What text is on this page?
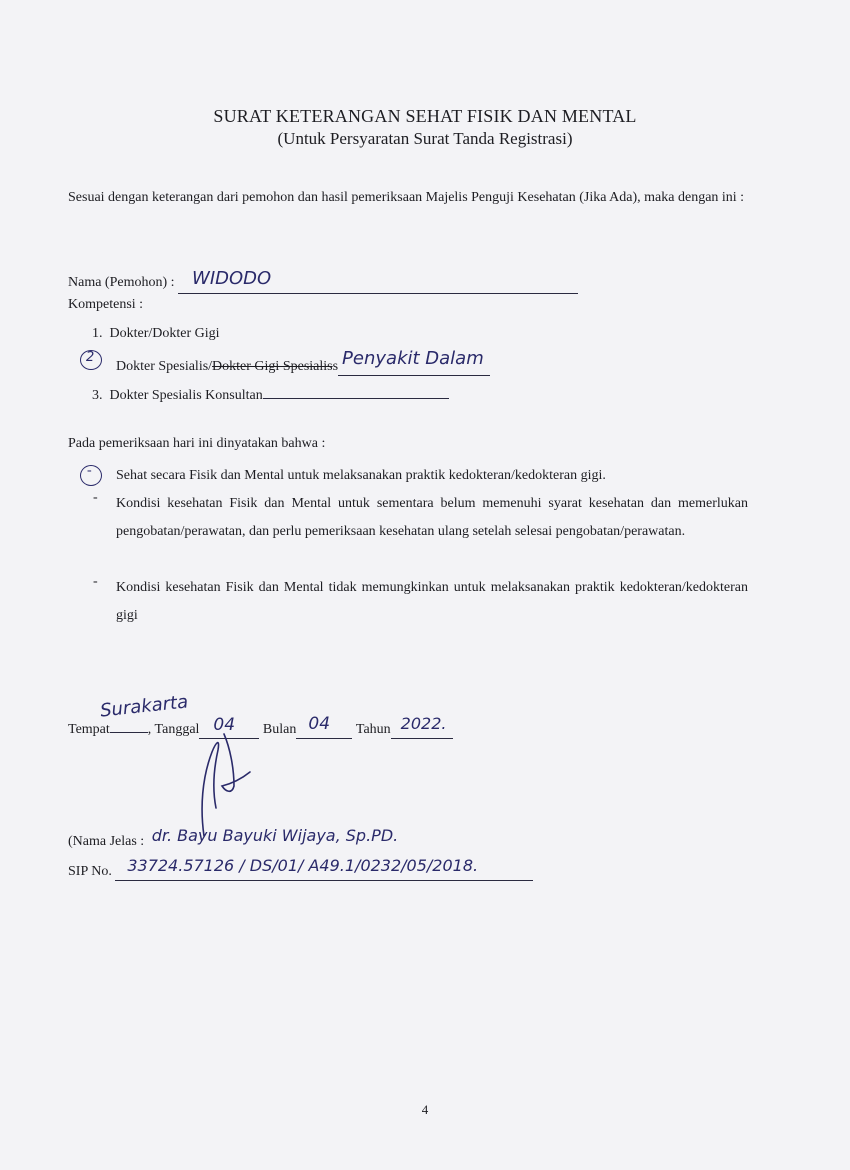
SURAT KETERANGAN SEHAT FISIK DAN MENTAL
(Untuk Persyaratan Surat Tanda Registrasi)
Sesuai dengan keterangan dari pemohon dan hasil pemeriksaan Majelis Penguji Kesehatan (Jika Ada), maka dengan ini :
Nama (Pemohon) : WIDODO
Kompetensi :
1. Dokter/Dokter Gigi
2
Dokter Spesialis/Dokter Gigi Spesialiss Penyakit Dalam
3. Dokter Spesialis Konsultan
Pada pemeriksaan hari ini dinyatakan bahwa :
- Sehat secara Fisik dan Mental untuk melaksanakan praktik kedokteran/kedokteran gigi.
- Kondisi kesehatan Fisik dan Mental untuk sementara belum memenuhi syarat kesehatan dan memerlukan pengobatan/perawatan, dan perlu pemeriksaan kesehatan ulang setelah selesai pengobatan/perawatan.
- Kondisi kesehatan Fisik dan Mental tidak memungkinkan untuk melaksanakan praktik kedokteran/kedokteran gigi
Surakarta
Tempat	, Tanggal 04 Bulan 04 Tahun 2022.
(Nama Jelas : dr. Bayu Bayuki Wijaya, Sp.PD.
SIP No. 33724.57126 / DS/01/ A49.1/0232/05/2018.
4
